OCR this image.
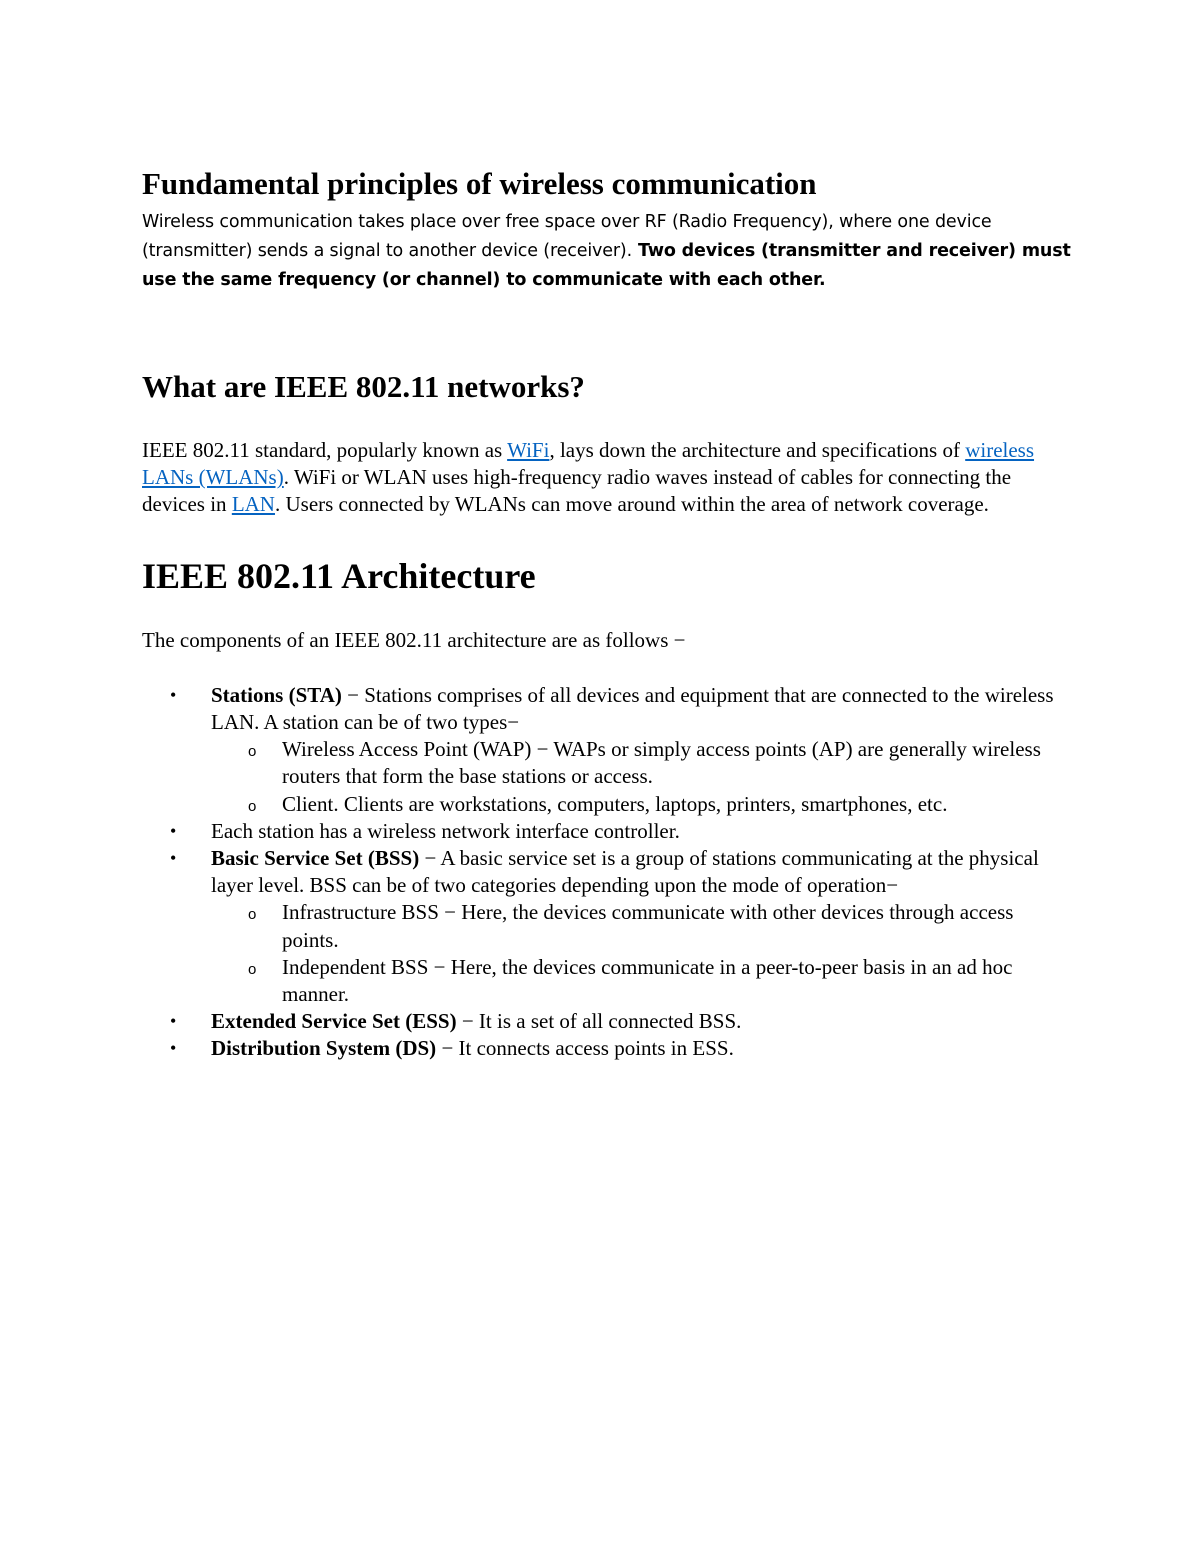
Fundamental principles of wireless communication

Wireless communication takes place over free space over RF (Radio Frequency), where one device
(transmitter) sends a signal to another device (receiver). Two devices (transmitter and receiver) must
use the same frequency (or channel) to communicate with each other.

What are IEEE 802.11 networks?

IEEE 802.11 standard, popularly known as WiFi, lays down the architecture and specifications of wireless LANs (WLANs). WiFi or WLAN uses high-frequency radio waves instead of cables for connecting the devices in LAN. Users connected by WLANs can move around within the area of network coverage.

IEEE 802.11 Architecture

The components of an IEEE 802.11 architecture are as follows −

• Stations (STA) − Stations comprises of all devices and equipment that are connected to the wireless LAN. A station can be of two types−
o Wireless Access Point (WAP) − WAPs or simply access points (AP) are generally wireless routers that form the base stations or access.
o Client. Clients are workstations, computers, laptops, printers, smartphones, etc.
• Each station has a wireless network interface controller.
• Basic Service Set (BSS) − A basic service set is a group of stations communicating at the physical layer level. BSS can be of two categories depending upon the mode of operation−
o Infrastructure BSS − Here, the devices communicate with other devices through access points.
o Independent BSS − Here, the devices communicate in a peer-to-peer basis in an ad hoc manner.
• Extended Service Set (ESS) − It is a set of all connected BSS.
• Distribution System (DS) − It connects access points in ESS.
